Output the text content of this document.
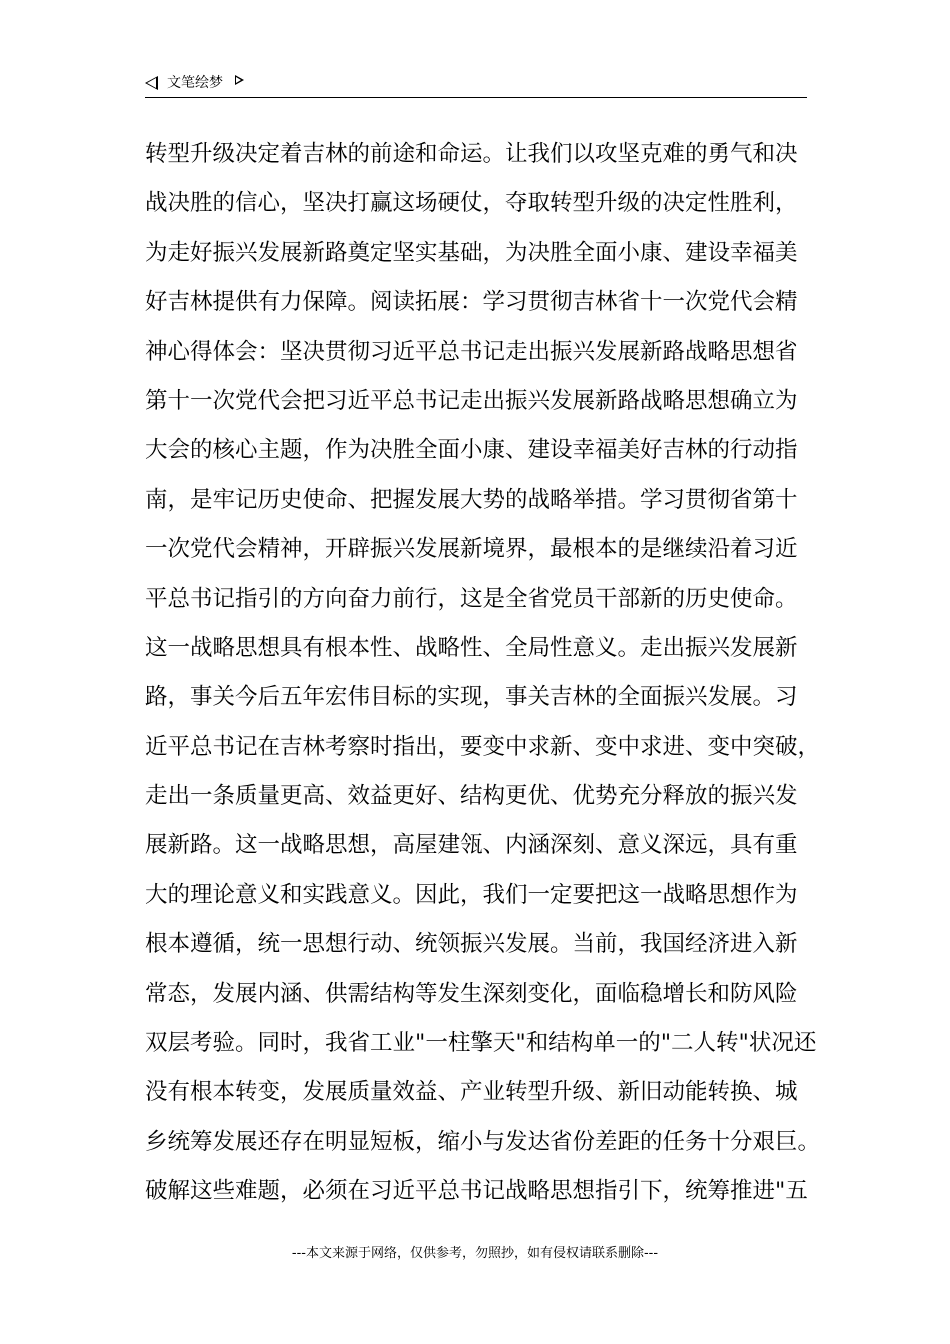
文笔绘梦
转型升级决定着吉林的前途和命运。让我们以攻坚克难的勇气和决
战决胜的信心，坚决打赢这场硬仗，夺取转型升级的决定性胜利，
为走好振兴发展新路奠定坚实基础，为决胜全面小康、建设幸福美
好吉林提供有力保障。阅读拓展：学习贯彻吉林省十一次党代会精
神心得体会：坚决贯彻习近平总书记走出振兴发展新路战略思想省
第十一次党代会把习近平总书记走出振兴发展新路战略思想确立为
大会的核心主题，作为决胜全面小康、建设幸福美好吉林的行动指
南，是牢记历史使命、把握发展大势的战略举措。学习贯彻省第十
一次党代会精神，开辟振兴发展新境界，最根本的是继续沿着习近
平总书记指引的方向奋力前行，这是全省党员干部新的历史使命。
这一战略思想具有根本性、战略性、全局性意义。走出振兴发展新
路，事关今后五年宏伟目标的实现，事关吉林的全面振兴发展。习
近平总书记在吉林考察时指出，要变中求新、变中求进、变中突破，
走出一条质量更高、效益更好、结构更优、优势充分释放的振兴发
展新路。这一战略思想，高屋建瓴、内涵深刻、意义深远，具有重
大的理论意义和实践意义。因此，我们一定要把这一战略思想作为
根本遵循，统一思想行动、统领振兴发展。当前，我国经济进入新
常态，发展内涵、供需结构等发生深刻变化，面临稳增长和防风险
双层考验。同时，我省工业"一柱擎天"和结构单一的"二人转"状况还
没有根本转变，发展质量效益、产业转型升级、新旧动能转换、城
乡统筹发展还存在明显短板，缩小与发达省份差距的任务十分艰巨。
破解这些难题，必须在习近平总书记战略思想指引下，统筹推进"五
---本文来源于网络，仅供参考，勿照抄，如有侵权请联系删除---
